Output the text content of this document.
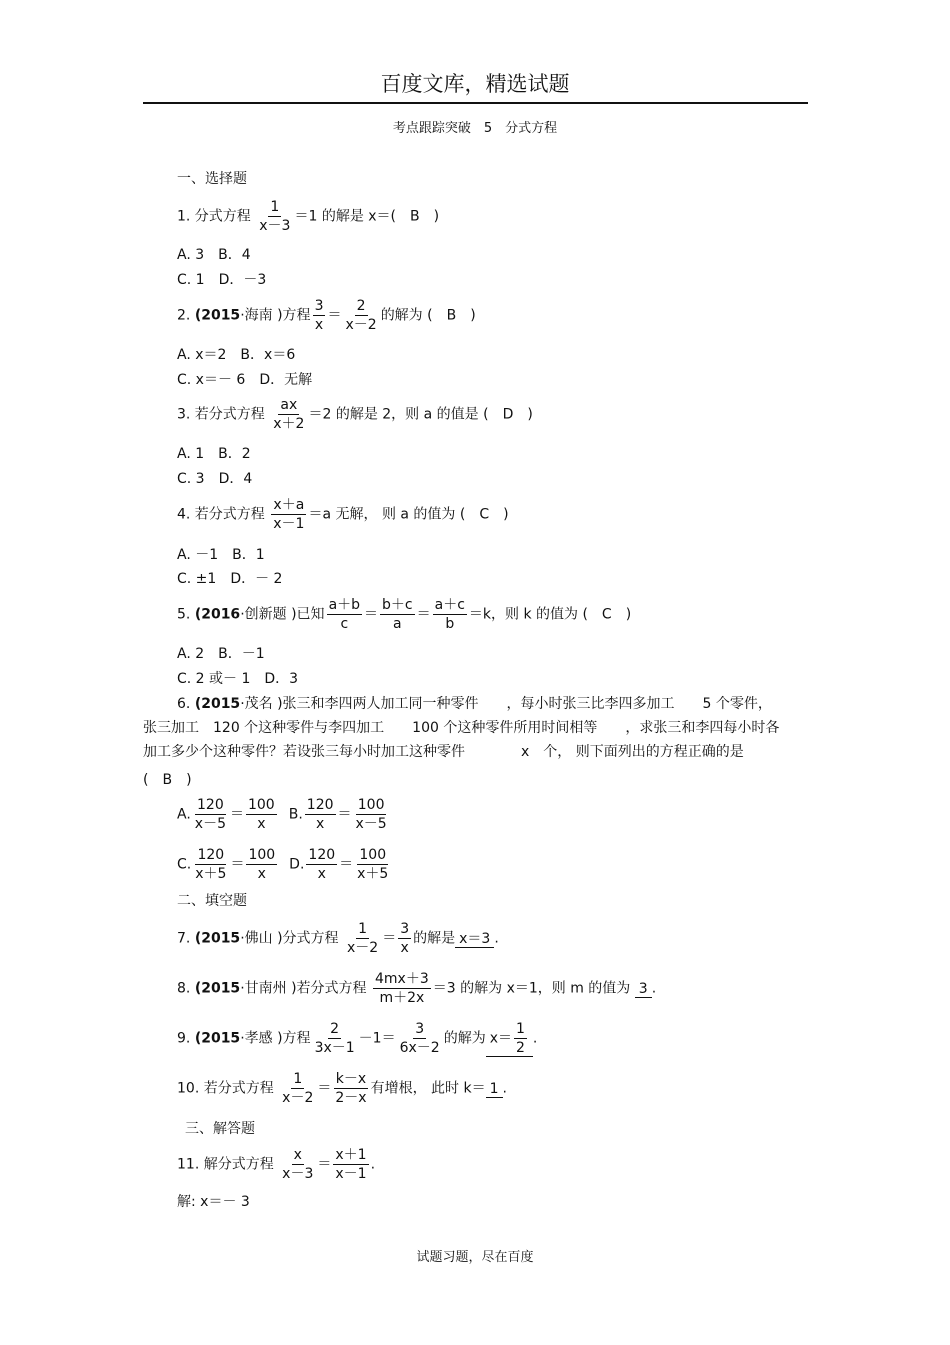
百度文库，精选试题
考点跟踪突破　5　分式方程
一、选择题
1. 分式方程 $\frac{1}{x-3} =1$ 的解是 x＝(　B　)
A. 3　B．4
C. 1　D．－3
2. (2015·海南 )方程 $\frac{3}{x} = \frac{2}{x-2}$ 的解为 (　B　)
A. x＝2　B．x＝6
C. x＝－ 6　D．无解
3. 若分式方程 $\frac{ax}{x+2} =2$ 的解是 2，则 a 的值是 (　D　)
A. 1　B．2
C. 3　D．4
4. 若分式方程 $\frac{x+a}{x-1} =a$ 无解， 则 a 的值为 (　C　)
A. －1　B．1
C. ±1　D．－ 2
5. (2016·创新题 )已知 $\frac{a+b}{c} = \frac{b+c}{a} = \frac{a+c}{b} =k$，则 k 的值为 (　C　)
A. 2　B．－1
C. 2 或－ 1　D．3
6. (2015·茂名 )张三和李四两人加工同一种零件　　，每小时张三比李四多加工　　5 个零件，
张三加工　120 个这种零件与李四加工　　100 个这种零件所用时间相等　　，求张三和李四每小时各
加工多少个这种零件？若设张三每小时加工这种零件　　　　x　个， 则下面列出的方程正确的是
(　B　)
A. $\frac{120}{x-5} = \frac{100}{x} B$. $\frac{120}{x} = \frac{100}{x-5}$
C. $\frac{120}{x+5} = \frac{100}{x} D$. $\frac{120}{x} = \frac{100}{x+5}$
二、填空题
7. (2015·佛山 )分式方程 $\frac{1}{x-2} = \frac{3}{x}$ 的解是 x＝3 .
8. (2015·甘南州 )若分式方程 $\frac{4mx+3}{m+2x} =3$ 的解为 x＝1，则 m 的值为 3 .
9. (2015·孝感 )方程 $\frac{2}{3x-1} -1= \frac{3}{6x-2}$ 的解为 $x= \frac{1}{2}$ .
10. 若分式方程 $\frac{1}{x-2} = \frac{k-x}{2-x}$ 有增根， 此时 k＝ 1 .
三、解答题
11. 解分式方程 $\frac{x}{x-3} = \frac{x+1}{x-1}$ .
解: x＝－ 3
试题习题，尽在百度
